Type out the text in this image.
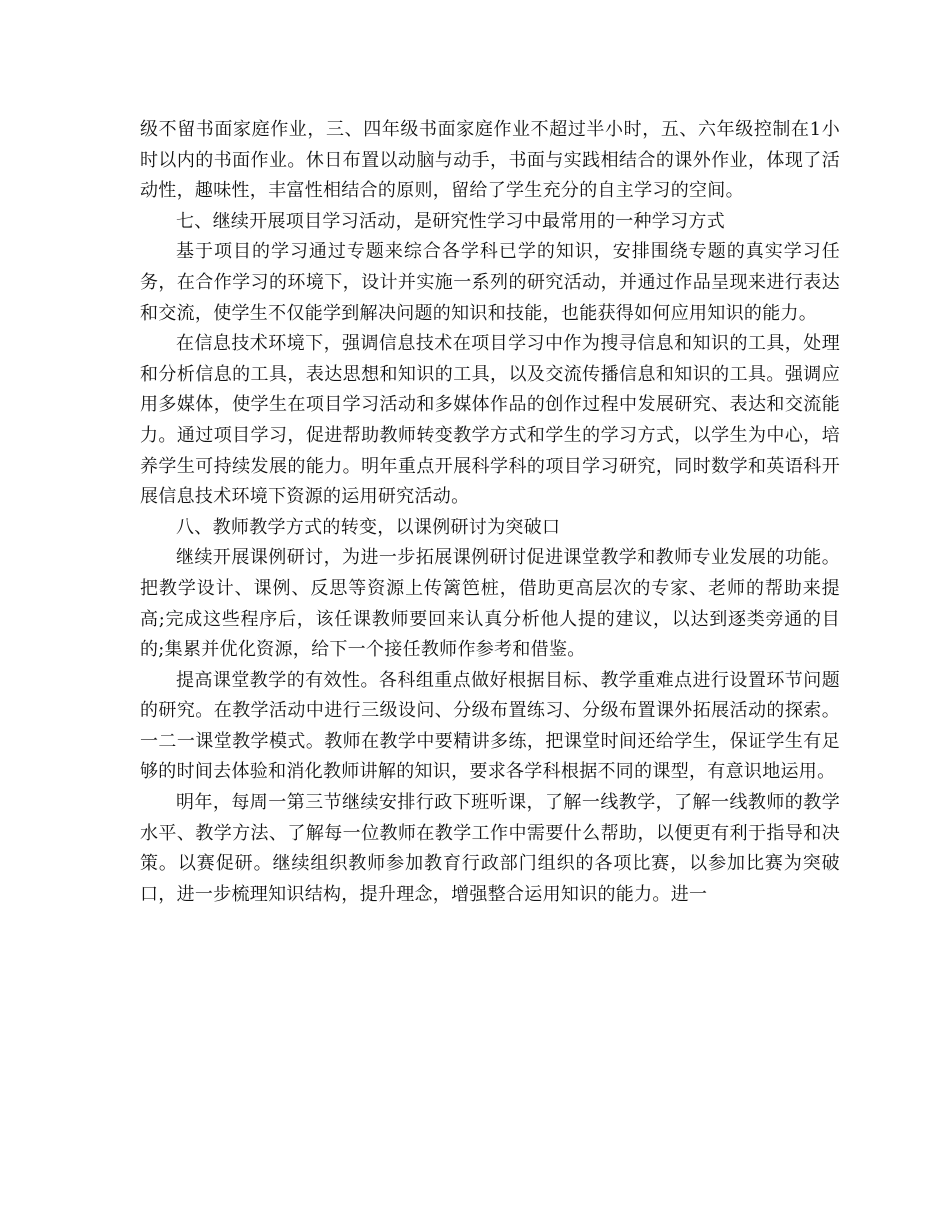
级不留书面家庭作业，三、四年级书面家庭作业不超过半小时，五、六年级控制在1小时以内的书面作业。休日布置以动脑与动手，书面与实践相结合的课外作业，体现了活动性，趣味性，丰富性相结合的原则，留给了学生充分的自主学习的空间。

七、继续开展项目学习活动，是研究性学习中最常用的一种学习方式

基于项目的学习通过专题来综合各学科已学的知识，安排围绕专题的真实学习任务，在合作学习的环境下，设计并实施一系列的研究活动，并通过作品呈现来进行表达和交流，使学生不仅能学到解决问题的知识和技能，也能获得如何应用知识的能力。

在信息技术环境下，强调信息技术在项目学习中作为搜寻信息和知识的工具，处理和分析信息的工具，表达思想和知识的工具，以及交流传播信息和知识的工具。强调应用多媒体，使学生在项目学习活动和多媒体作品的创作过程中发展研究、表达和交流能力。通过项目学习，促进帮助教师转变教学方式和学生的学习方式，以学生为中心，培养学生可持续发展的能力。明年重点开展科学科的项目学习研究，同时数学和英语科开展信息技术环境下资源的运用研究活动。

八、教师教学方式的转变，以课例研讨为突破口

继续开展课例研讨，为进一步拓展课例研讨促进课堂教学和教师专业发展的功能。把教学设计、课例、反思等资源上传篱笆桩，借助更高层次的专家、老师的帮助来提高;完成这些程序后，该任课教师要回来认真分析他人提的建议，以达到逐类旁通的目的;集累并优化资源，给下一个接任教师作参考和借鉴。

提高课堂教学的有效性。各科组重点做好根据目标、教学重难点进行设置环节问题的研究。在教学活动中进行三级设问、分级布置练习、分级布置课外拓展活动的探索。一二一课堂教学模式。教师在教学中要精讲多练，把课堂时间还给学生，保证学生有足够的时间去体验和消化教师讲解的知识，要求各学科根据不同的课型，有意识地运用。

明年，每周一第三节继续安排行政下班听课，了解一线教学，了解一线教师的教学水平、教学方法、了解每一位教师在教学工作中需要什么帮助，以便更有利于指导和决策。以赛促研。继续组织教师参加教育行政部门组织的各项比赛，以参加比赛为突破口，进一步梳理知识结构，提升理念，增强整合运用知识的能力。进一
